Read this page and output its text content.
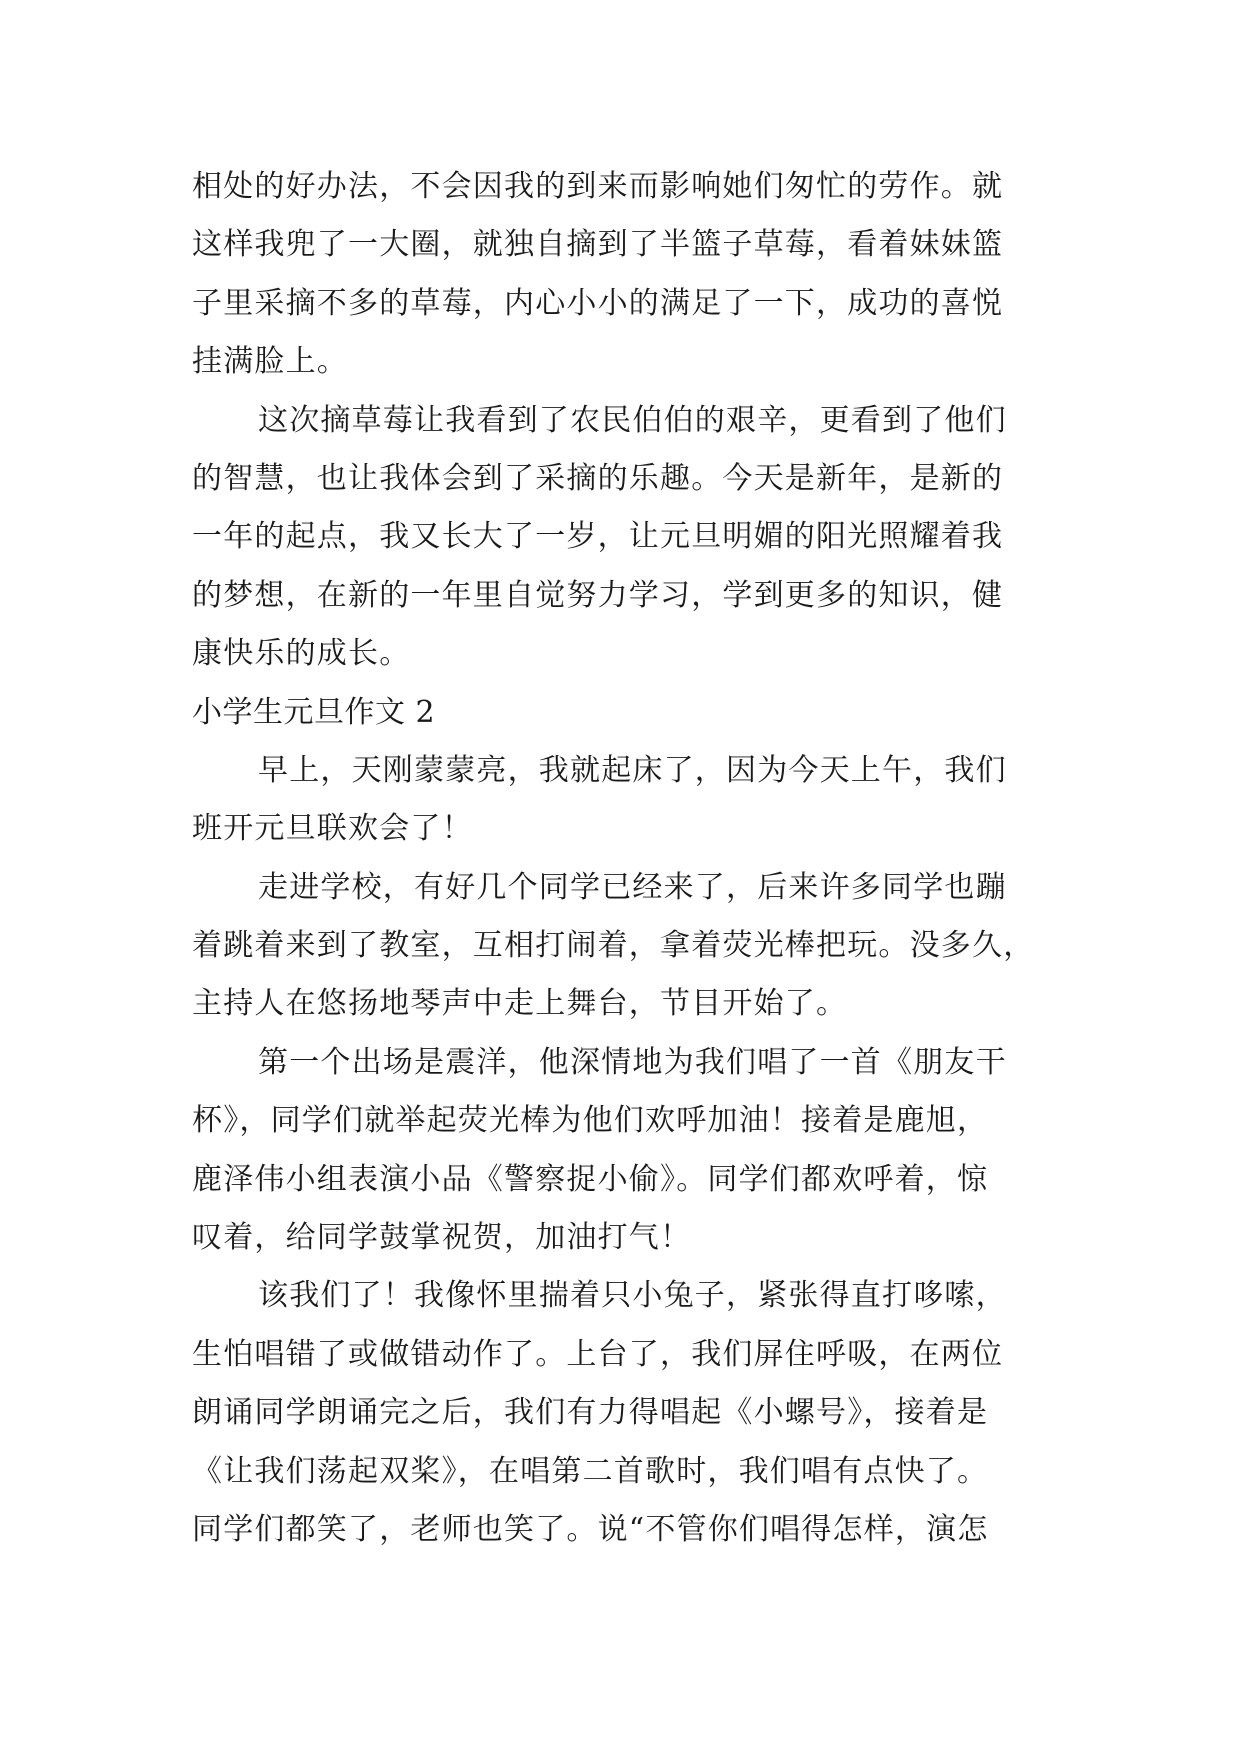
相处的好办法，不会因我的到来而影响她们匆忙的劳作。就
这样我兜了一大圈，就独自摘到了半篮子草莓，看着妹妹篮
子里采摘不多的草莓，内心小小的满足了一下，成功的喜悦
挂满脸上。
这次摘草莓让我看到了农民伯伯的艰辛，更看到了他们
的智慧，也让我体会到了采摘的乐趣。今天是新年，是新的
一年的起点，我又长大了一岁，让元旦明媚的阳光照耀着我
的梦想，在新的一年里自觉努力学习，学到更多的知识，健
康快乐的成长。
小学生元旦作文 2
早上，天刚蒙蒙亮，我就起床了，因为今天上午，我们
班开元旦联欢会了！
走进学校，有好几个同学已经来了，后来许多同学也蹦
着跳着来到了教室，互相打闹着，拿着荧光棒把玩。没多久，
主持人在悠扬地琴声中走上舞台，节目开始了。
第一个出场是震洋，他深情地为我们唱了一首《朋友干
杯》，同学们就举起荧光棒为他们欢呼加油！接着是鹿旭，
鹿泽伟小组表演小品《警察捉小偷》。同学们都欢呼着，惊
叹着，给同学鼓掌祝贺，加油打气！
该我们了！我像怀里揣着只小兔子，紧张得直打哆嗦，
生怕唱错了或做错动作了。上台了，我们屏住呼吸，在两位
朗诵同学朗诵完之后，我们有力得唱起《小螺号》，接着是
《让我们荡起双桨》，在唱第二首歌时，我们唱有点快了。
同学们都笑了，老师也笑了。说“不管你们唱得怎样，演怎
